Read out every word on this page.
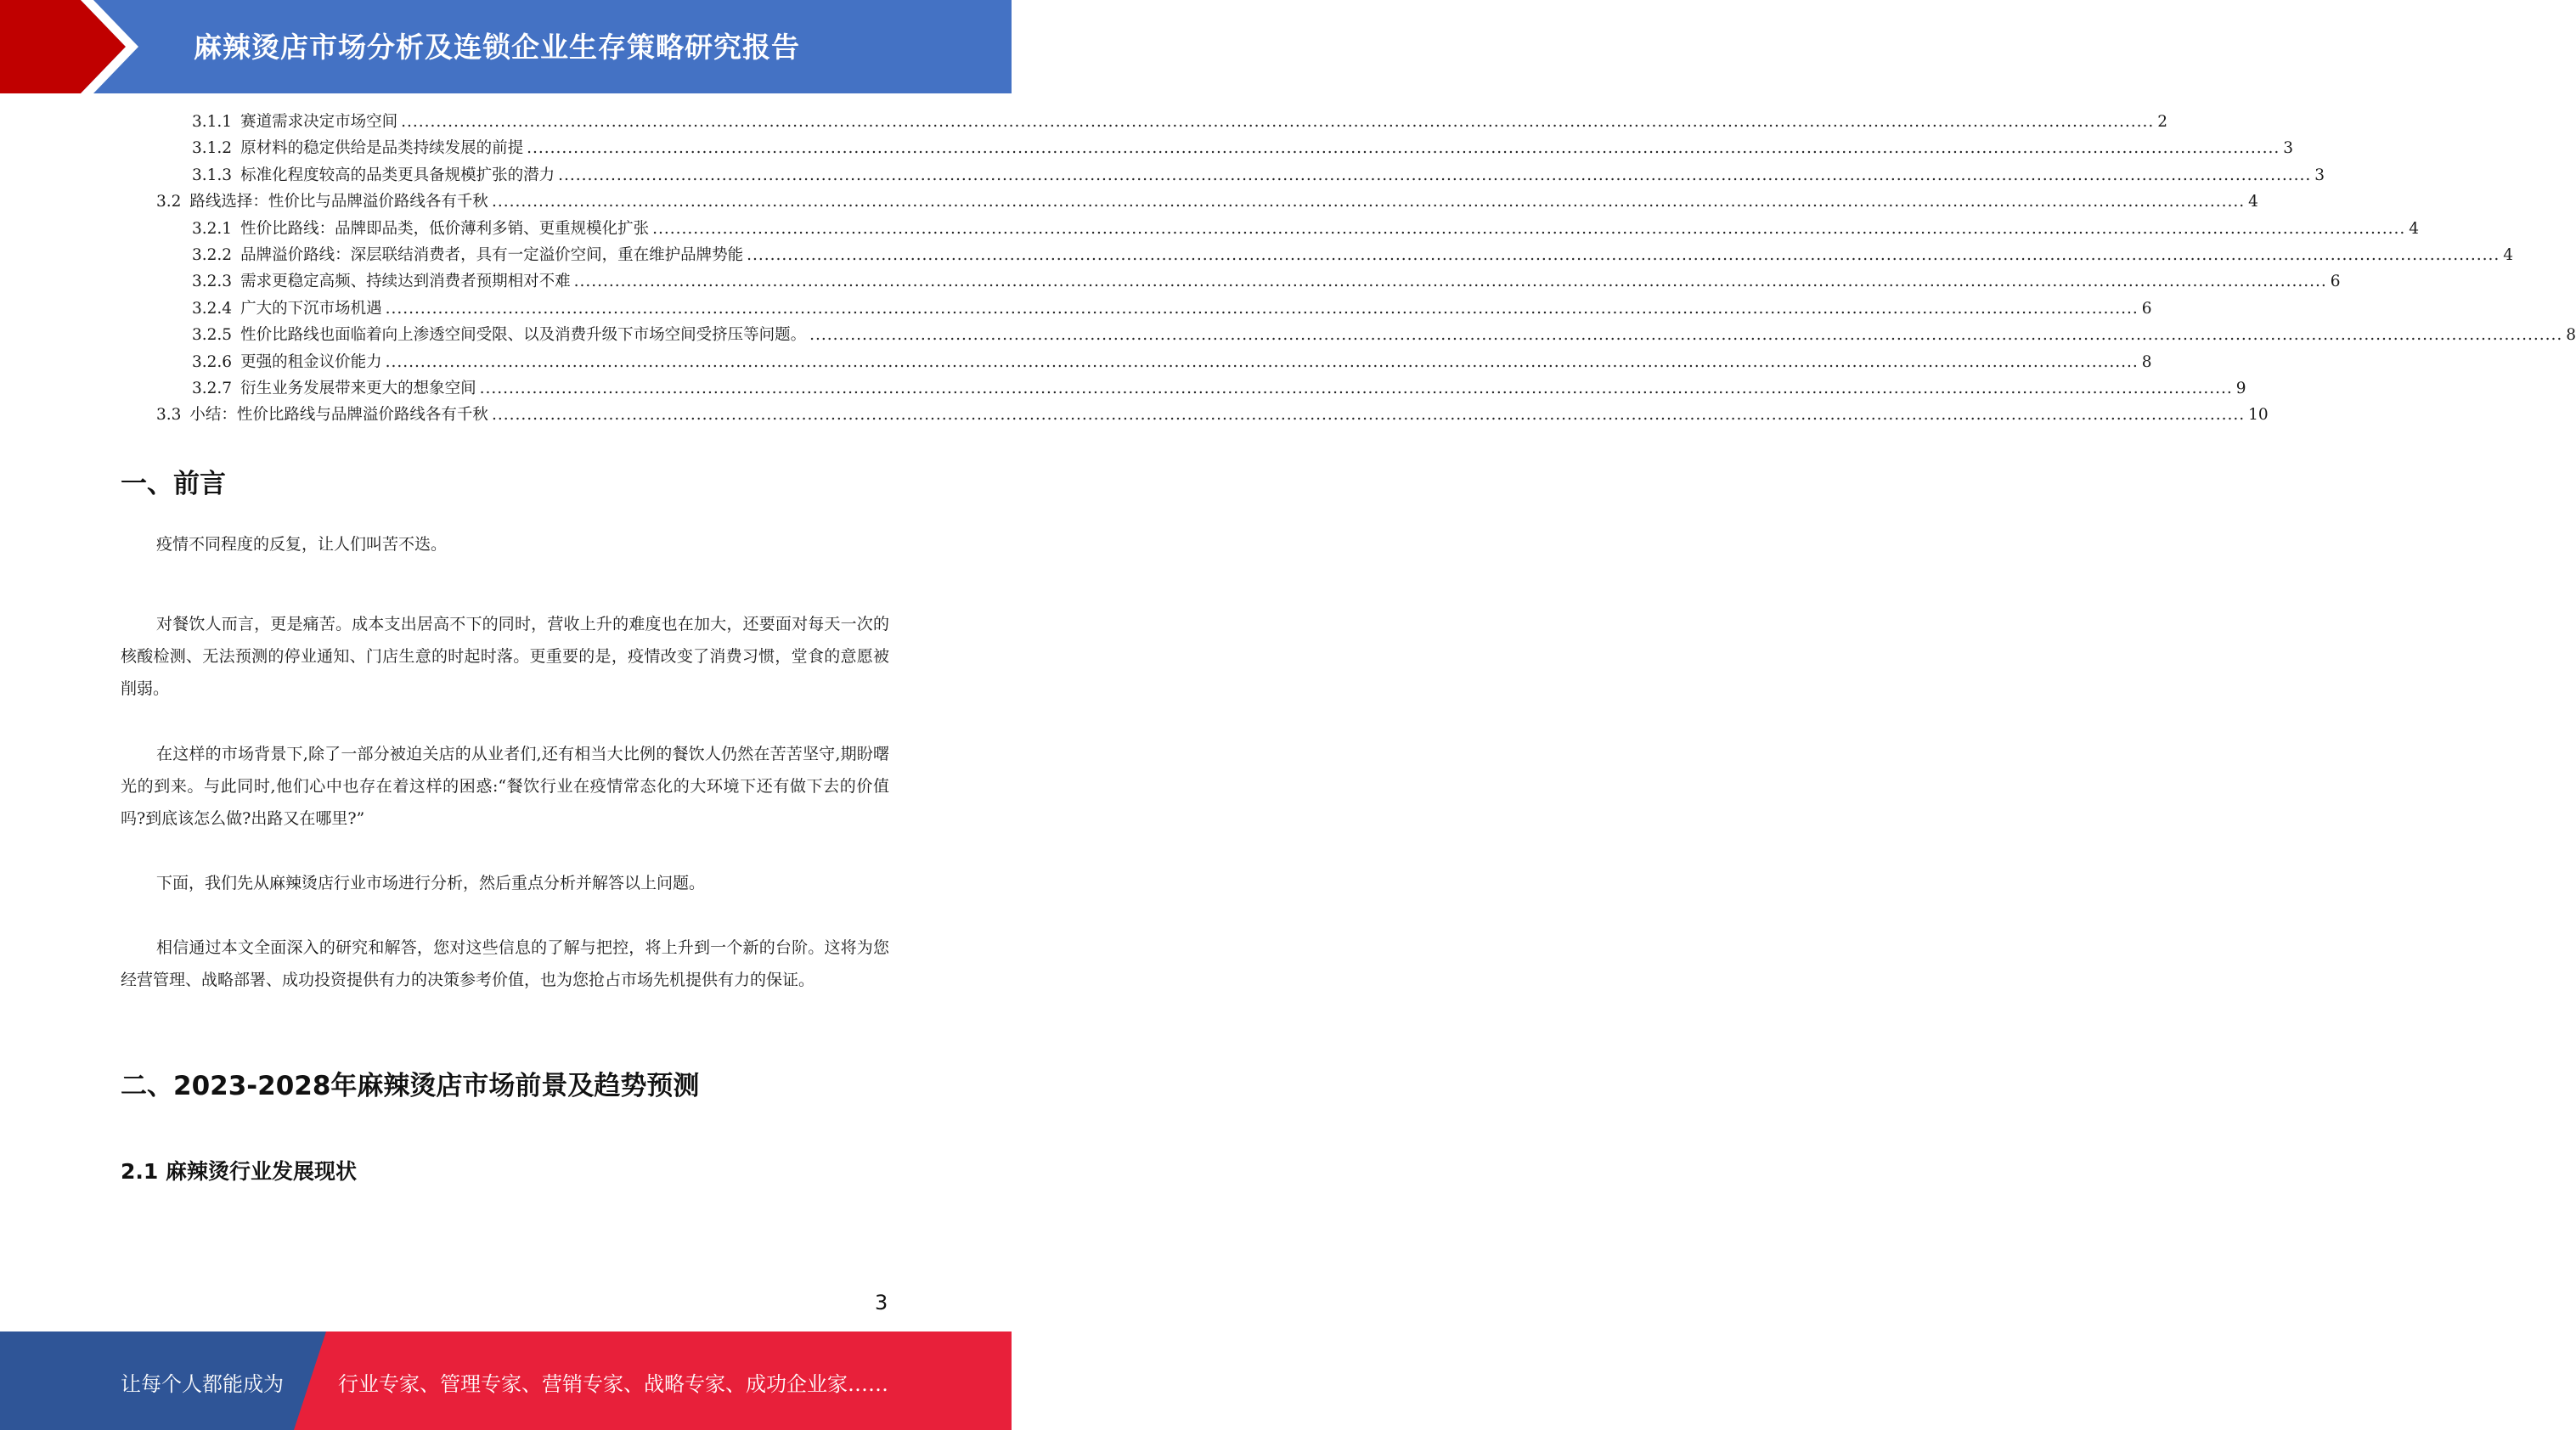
麻辣烫店市场分析及连锁企业生存策略研究报告
3.1.1 赛道需求决定市场空间 ............................................................................................................................................................................................................................................................................................................ 2
3.1.2 原材料的稳定供给是品类持续发展的前提 ............................................................................................................................................................................................................................................................................................................ 3
3.1.3 标准化程度较高的品类更具备规模扩张的潜力 ............................................................................................................................................................................................................................................................................................................ 3
3.2 路线选择：性价比与品牌溢价路线各有千秋 ............................................................................................................................................................................................................................................................................................................ 4
3.2.1 性价比路线：品牌即品类，低价薄利多销、更重规模化扩张 ............................................................................................................................................................................................................................................................................................................ 4
3.2.2 品牌溢价路线：深层联结消费者，具有一定溢价空间，重在维护品牌势能 ............................................................................................................................................................................................................................................................................................................ 4
3.2.3 需求更稳定高频、持续达到消费者预期相对不难 ............................................................................................................................................................................................................................................................................................................ 6
3.2.4 广大的下沉市场机遇 ............................................................................................................................................................................................................................................................................................................ 6
3.2.5 性价比路线也面临着向上渗透空间受限、以及消费升级下市场空间受挤压等问题。 ............................................................................................................................................................................................................................................................................................................ 8
3.2.6 更强的租金议价能力 ............................................................................................................................................................................................................................................................................................................ 8
3.2.7 衍生业务发展带来更大的想象空间 ............................................................................................................................................................................................................................................................................................................ 9
3.3 小结：性价比路线与品牌溢价路线各有千秋 ............................................................................................................................................................................................................................................................................................................ 10
一、前言

疫情不同程度的反复，让人们叫苦不迭。

对餐饮人而言，更是痛苦。成本支出居高不下的同时，营收上升的难度也在加大，还要面对每天一次的核酸检测、无法预测的停业通知、门店生意的时起时落。更重要的是，疫情改变了消费习惯，堂食的意愿被削弱。

在这样的市场背景下,除了一部分被迫关店的从业者们,还有相当大比例的餐饮人仍然在苦苦坚守,期盼曙光的到来。与此同时,他们心中也存在着这样的困惑:“餐饮行业在疫情常态化的大环境下还有做下去的价值吗?到底该怎么做?出路又在哪里?”

下面，我们先从麻辣烫店行业市场进行分析，然后重点分析并解答以上问题。

相信通过本文全面深入的研究和解答，您对这些信息的了解与把控，将上升到一个新的台阶。这将为您经营管理、战略部署、成功投资提供有力的决策参考价值，也为您抢占市场先机提供有力的保证。

二、2023-2028年麻辣烫店市场前景及趋势预测
2.1 麻辣烫行业发展现状
3
让每个人都能成为	行业专家、管理专家、营销专家、战略专家、成功企业家……
